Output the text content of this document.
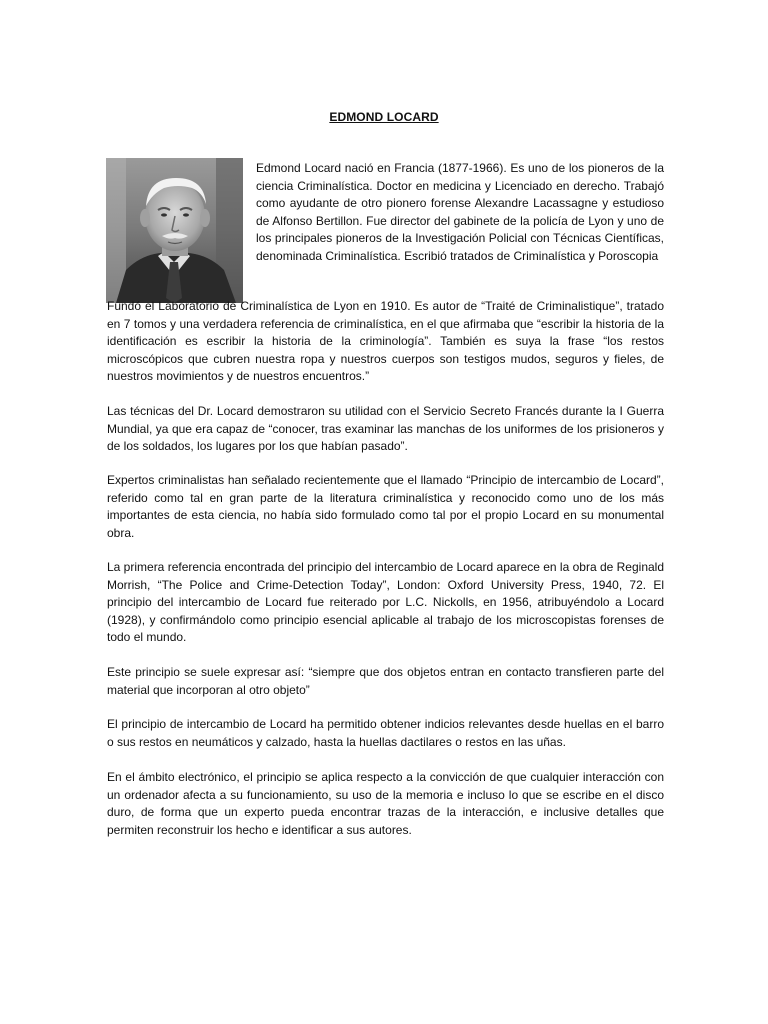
EDMOND LOCARD

Edmond Locard nació en Francia (1877-1966). Es uno de los pioneros de la ciencia Criminalística. Doctor en medicina y Licenciado en derecho. Trabajó como ayudante de otro pionero forense Alexandre Lacassagne y estudioso de Alfonso Bertillon. Fue director del gabinete de la policía de Lyon y uno de los principales pioneros de la Investigación Policial con Técnicas Científicas, denominada Criminalística. Escribió tratados de Criminalística y Poroscopia

Fundó el Laboratorio de Criminalística de Lyon en 1910. Es autor de “Traité de Criminalistique”, tratado en 7 tomos y una verdadera referencia de criminalística, en el que afirmaba que “escribir la historia de la identificación es escribir la historia de la criminología”. También es suya la frase “los restos microscópicos que cubren nuestra ropa y nuestros cuerpos son testigos mudos, seguros y fieles, de nuestros movimientos y de nuestros encuentros.”

Las técnicas del Dr. Locard demostraron su utilidad con el Servicio Secreto Francés durante la I Guerra Mundial, ya que era capaz de “conocer, tras examinar las manchas de los uniformes de los prisioneros y de los soldados, los lugares por los que habían pasado”.

Expertos criminalistas han señalado recientemente que el llamado “Principio de intercambio de Locard”, referido como tal en gran parte de la literatura criminalística y reconocido como uno de los más importantes de esta ciencia, no había sido formulado como tal por el propio Locard en su monumental obra.

La primera referencia encontrada del principio del intercambio de Locard aparece en la obra de Reginald Morrish, “The Police and Crime-Detection Today”, London: Oxford University Press, 1940, 72. El principio del intercambio de Locard fue reiterado por L.C. Nickolls, en 1956, atribuyéndolo a Locard (1928), y confirmándolo como principio esencial aplicable al trabajo de los microscopistas forenses de todo el mundo.

Este principio se suele expresar así: “siempre que dos objetos entran en contacto transfieren parte del material que incorporan al otro objeto”

El principio de intercambio de Locard ha permitido obtener indicios relevantes desde huellas en el barro o sus restos en neumáticos y calzado, hasta la huellas dactilares o restos en las uñas.

En el ámbito electrónico, el principio se aplica respecto a la convicción de que cualquier interacción con un ordenador afecta a su funcionamiento, su uso de la memoria e incluso lo que se escribe en el disco duro, de forma que un experto pueda encontrar trazas de la interacción, e inclusive detalles que permiten reconstruir los hecho e identificar a sus autores.
